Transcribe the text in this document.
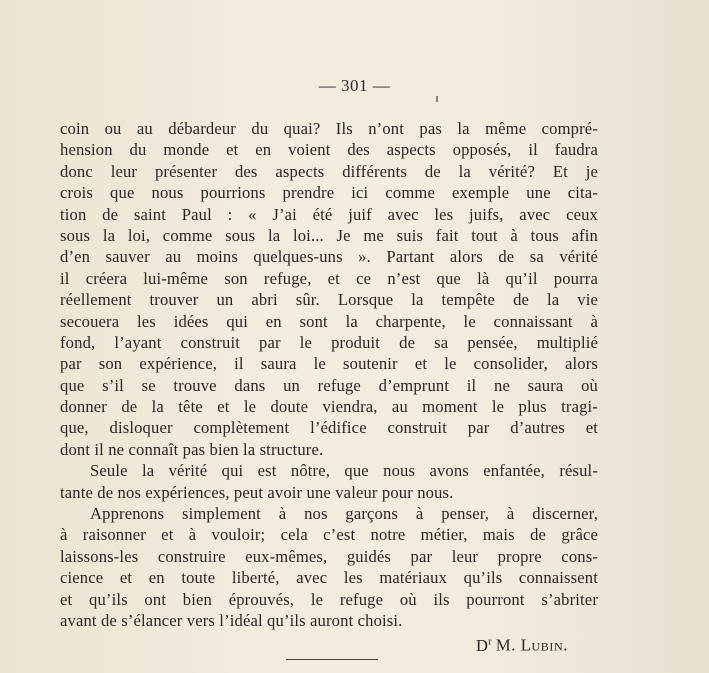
— 301 —
coin ou au débardeur du quai? Ils n’ont pas la même compré-
hension du monde et en voient des aspects opposés, il faudra
donc leur présenter des aspects différents de la vérité? Et je
crois que nous pourrions prendre ici comme exemple une cita-
tion de saint Paul : « J’ai été juif avec les juifs, avec ceux
sous la loi, comme sous la loi... Je me suis fait tout à tous afin
d’en sauver au moins quelques-uns ». Partant alors de sa vérité
il créera lui-même son refuge, et ce n’est que là qu’il pourra
réellement trouver un abri sûr. Lorsque la tempête de la vie
secouera les idées qui en sont la charpente, le connaissant à
fond, l’ayant construit par le produit de sa pensée, multiplié
par son expérience, il saura le soutenir et le consolider, alors
que s’il se trouve dans un refuge d’emprunt il ne saura où
donner de la tête et le doute viendra, au moment le plus tragi-
que, disloquer complètement l’édifice construit par d’autres et
dont il ne connaît pas bien la structure.
Seule la vérité qui est nôtre, que nous avons enfantée, résul-
tante de nos expériences, peut avoir une valeur pour nous.
Apprenons simplement à nos garçons à penser, à discerner,
à raisonner et à vouloir; cela c’est notre métier, mais de grâce
laissons-les construire eux-mêmes, guidés par leur propre cons-
cience et en toute liberté, avec les matériaux qu’ils connaissent
et qu’ils ont bien éprouvés, le refuge où ils pourront s’abriter
avant de s’élancer vers l’idéal qu’ils auront choisi.
$D^r$ M. Lubin.
